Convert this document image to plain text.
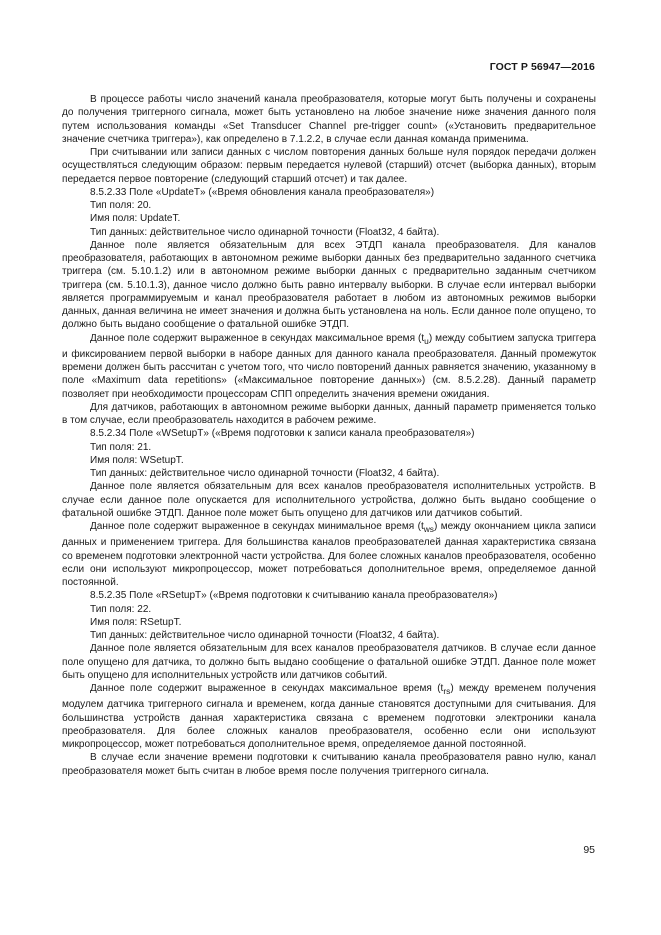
ГОСТ Р 56947—2016

В процессе работы число значений канала преобразователя, которые могут быть получены и сохранены до получения триггерного сигнала, может быть установлено на любое значение ниже значения данного поля путем использования команды «Set Transducer Channel pre-trigger count» («Установить предварительное значение счетчика триггера»), как определено в 7.1.2.2, в случае если данная команда применима.

При считывании или записи данных с числом повторения данных больше нуля порядок передачи должен осуществляться следующим образом: первым передается нулевой (старший) отсчет (выборка данных), вторым передается первое повторение (следующий старший отсчет) и так далее.

8.5.2.33 Поле «UpdateT» («Время обновления канала преобразователя»)

Тип поля: 20.

Имя поля: UpdateT.

Тип данных: действительное число одинарной точности (Float32, 4 байта).

Данное поле является обязательным для всех ЭТДП канала преобразователя. Для каналов преобразователя, работающих в автономном режиме выборки данных без предварительно заданного счетчика триггера (см. 5.10.1.2) или в автономном режиме выборки данных с предварительно заданным счетчиком триггера (см. 5.10.1.3), данное число должно быть равно интервалу выборки. В случае если интервал выборки является программируемым и канал преобразователя работает в любом из автономных режимов выборки данных, данная величина не имеет значения и должна быть установлена на ноль. Если данное поле опущено, то должно быть выдано сообщение о фатальной ошибке ЭТДП.

Данное поле содержит выраженное в секундах максимальное время $(t_u)$ между событием запуска триггера и фиксированием первой выборки в наборе данных для данного канала преобразователя. Данный промежуток времени должен быть рассчитан с учетом того, что число повторений данных равняется значению, указанному в поле «Maximum data repetitions» («Максимальное повторение данных») (см. 8.5.2.28). Данный параметр позволяет при необходимости процессорам СПП определить значения времени ожидания.

Для датчиков, работающих в автономном режиме выборки данных, данный параметр применяется только в том случае, если преобразователь находится в рабочем режиме.

8.5.2.34 Поле «WSetupT» («Время подготовки к записи канала преобразователя»)

Тип поля: 21.

Имя поля: WSetupT.

Тип данных: действительное число одинарной точности (Float32, 4 байта).

Данное поле является обязательным для всех каналов преобразователя исполнительных устройств. В случае если данное поле опускается для исполнительного устройства, должно быть выдано сообщение о фатальной ошибке ЭТДП. Данное поле может быть опущено для датчиков или датчиков событий.

Данное поле содержит выраженное в секундах минимальное время $(t_{ws})$ между окончанием цикла записи данных и применением триггера. Для большинства каналов преобразователей данная характеристика связана со временем подготовки электронной части устройства. Для более сложных каналов преобразователя, особенно если они используют микропроцессор, может потребоваться дополнительное время, определяемое данной постоянной.

8.5.2.35 Поле «RSetupT» («Время подготовки к считыванию канала преобразователя»)

Тип поля: 22.

Имя поля: RSetupT.

Тип данных: действительное число одинарной точности (Float32, 4 байта).

Данное поле является обязательным для всех каналов преобразователя датчиков. В случае если данное поле опущено для датчика, то должно быть выдано сообщение о фатальной ошибке ЭТДП. Данное поле может быть опущено для исполнительных устройств или датчиков событий.

Данное поле содержит выраженное в секундах максимальное время $(t_{rs})$ между временем получения модулем датчика триггерного сигнала и временем, когда данные становятся доступными для считывания. Для большинства устройств данная характеристика связана с временем подготовки электроники канала преобразователя. Для более сложных каналов преобразователя, особенно если они используют микропроцессор, может потребоваться дополнительное время, определяемое данной постоянной.

В случае если значение времени подготовки к считыванию канала преобразователя равно нулю, канал преобразователя может быть считан в любое время после получения триггерного сигнала.

95
